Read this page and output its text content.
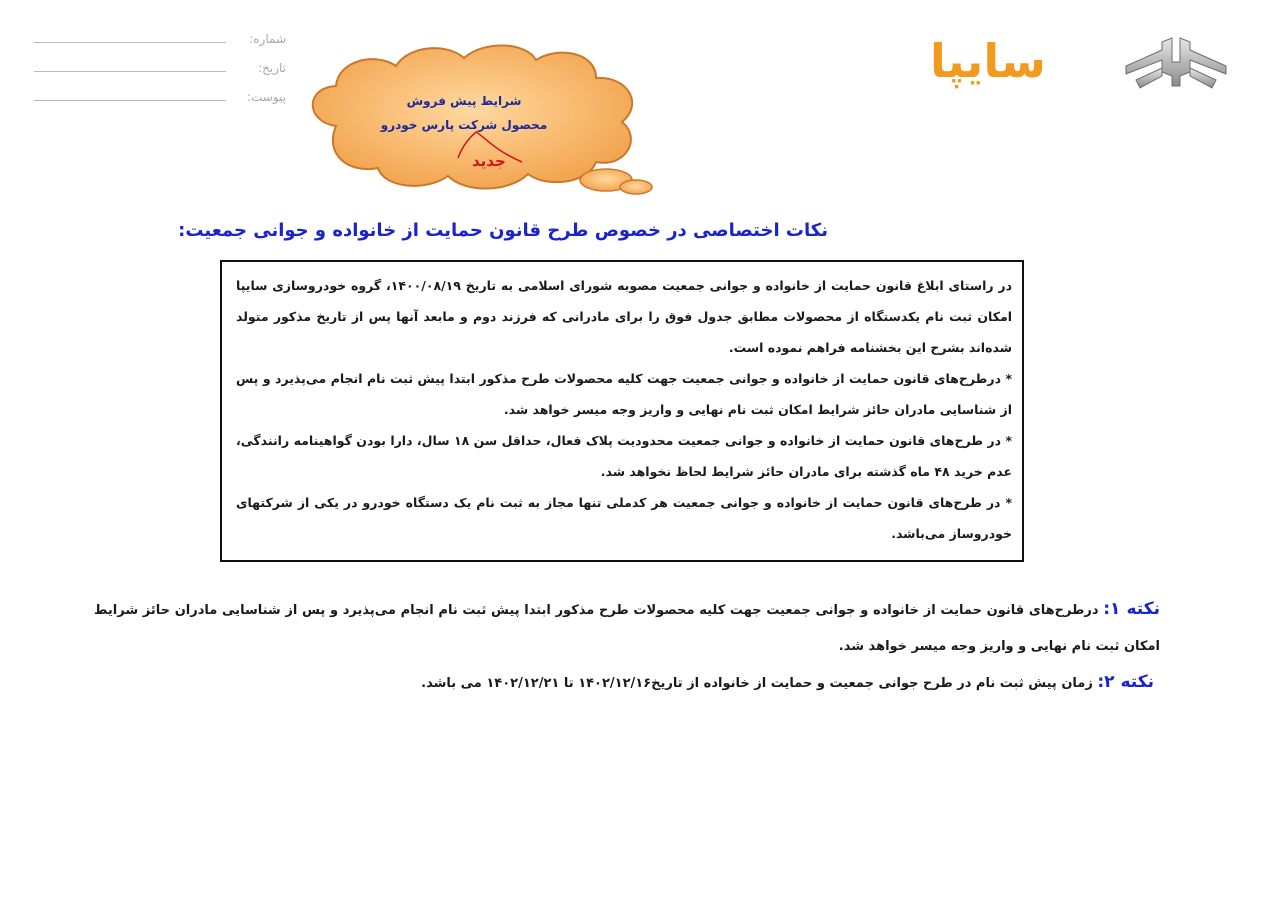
شماره:
تاریخ:
پیوست:	شرایط پیش فروش
محصول شرکت پارس خودرو
جدید
سایپا
نکات اختصاصی در خصوص طرح قانون حمایت از خانواده و جوانی جمعیت:

در راستای ابلاغ قانون حمایت از خانواده و جوانی جمعیت مصوبه شورای اسلامی به تاریخ ۱۴۰۰/۰۸/۱۹، گروه خودروسازی سایپا امکان ثبت نام یکدستگاه از محصولات مطابق جدول فوق را برای مادرانی که فرزند دوم و مابعد آنها پس از تاریخ مذکور متولد شده‌اند بشرح این بخشنامه فراهم نموده است.

* درطرح‌های قانون حمایت از خانواده و جوانی جمعیت جهت کلیه محصولات طرح مذکور ابتدا پیش ثبت نام انجام می‌پذیرد و پس از شناسایی مادران حائز شرایط امکان ثبت نام نهایی و واریز وجه میسر خواهد شد.

* در طرح‌های قانون حمایت از خانواده و جوانی جمعیت محدودیت پلاک فعال، حداقل سن ۱۸ سال، دارا بودن گواهینامه رانندگی، عدم خرید ۴۸ ماه گذشته برای مادران حائز شرایط لحاظ نخواهد شد.

* در طرح‌های قانون حمایت از خانواده و جوانی جمعیت هر کدملی تنها مجاز به ثبت نام یک دستگاه خودرو در یکی از شرکتهای خودروساز می‌باشد.

نکته ۱: درطرح‌های قانون حمایت از خانواده و جوانی جمعیت جهت کلیه محصولات طرح مذکور ابتدا پیش ثبت نام انجام می‌پذیرد و پس از شناسایی مادران حائز شرایط امکان ثبت نام نهایی و واریز وجه میسر خواهد شد.
نکته ۲: زمان پیش ثبت نام در طرح جوانی جمعیت و حمایت از خانواده از تاریخ۱۴۰۲/۱۲/۱۶ تا ۱۴۰۲/۱۲/۲۱ می باشد.
